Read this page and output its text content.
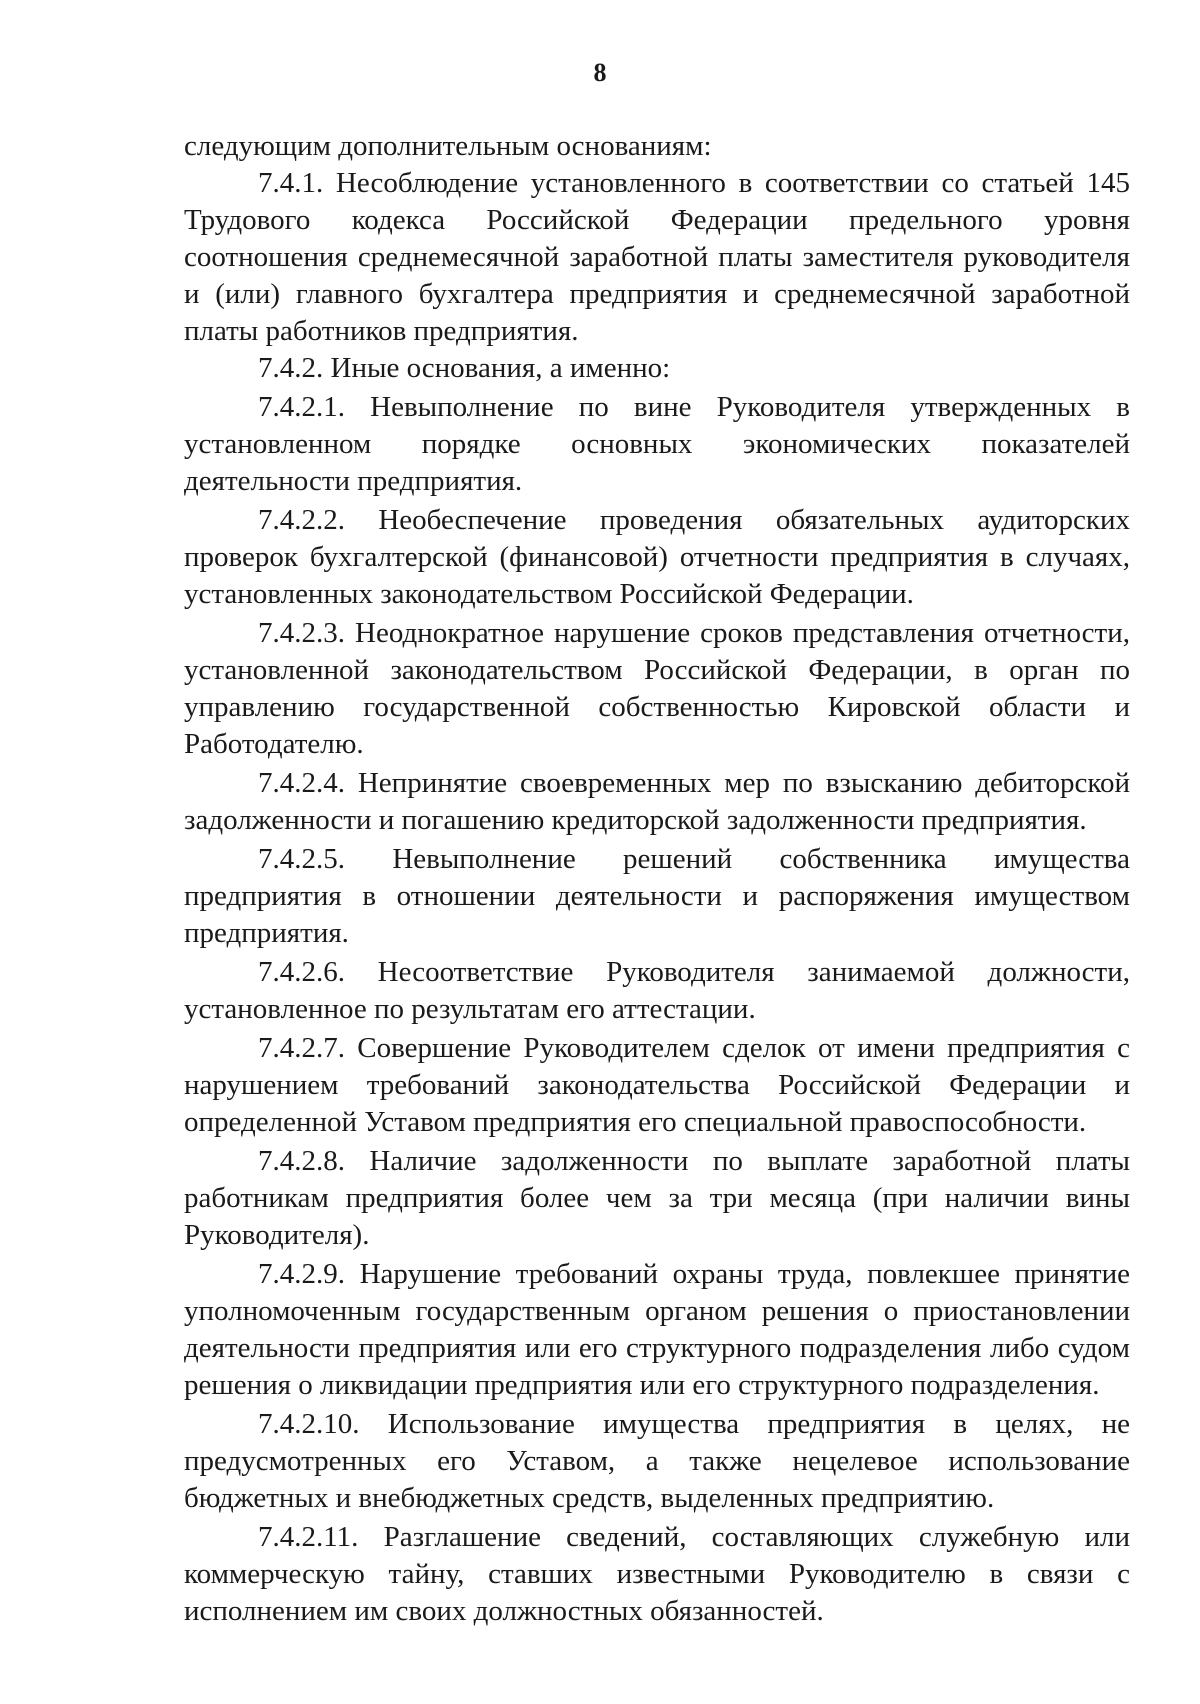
8

следующим дополнительным основаниям:

7.4.1. Несоблюдение установленного в соответствии со статьей 145 Трудового кодекса Российской Федерации предельного уровня соотношения среднемесячной заработной платы заместителя руководителя и (или) главного бухгалтера предприятия и среднемесячной заработной платы работников предприятия.

7.4.2. Иные основания, а именно:

7.4.2.1. Невыполнение по вине Руководителя утвержденных в установленном порядке основных экономических показателей деятельности предприятия.

7.4.2.2. Необеспечение проведения обязательных аудиторских проверок бухгалтерской (финансовой) отчетности предприятия в случаях, установленных законодательством Российской Федерации.

7.4.2.3. Неоднократное нарушение сроков представления отчетности, установленной законодательством Российской Федерации, в орган по управлению государственной собственностью Кировской области и Работодателю.

7.4.2.4. Непринятие своевременных мер по взысканию дебиторской задолженности и погашению кредиторской задолженности предприятия.

7.4.2.5. Невыполнение решений собственника имущества предприятия в отношении деятельности и распоряжения имуществом предприятия.

7.4.2.6. Несоответствие Руководителя занимаемой должности, установленное по результатам его аттестации.

7.4.2.7. Совершение Руководителем сделок от имени предприятия с нарушением требований законодательства Российской Федерации и определенной Уставом предприятия его специальной правоспособности.

7.4.2.8. Наличие задолженности по выплате заработной платы работникам предприятия более чем за три месяца (при наличии вины Руководителя).

7.4.2.9. Нарушение требований охраны труда, повлекшее принятие уполномоченным государственным органом решения о приостановлении деятельности предприятия или его структурного подразделения либо судом решения о ликвидации предприятия или его структурного подразделения.

7.4.2.10. Использование имущества предприятия в целях, не предусмотренных его Уставом, а также нецелевое использование бюджетных и внебюджетных средств, выделенных предприятию.

7.4.2.11. Разглашение сведений, составляющих служебную или коммерческую тайну, ставших известными Руководителю в связи с исполнением им своих должностных обязанностей.
